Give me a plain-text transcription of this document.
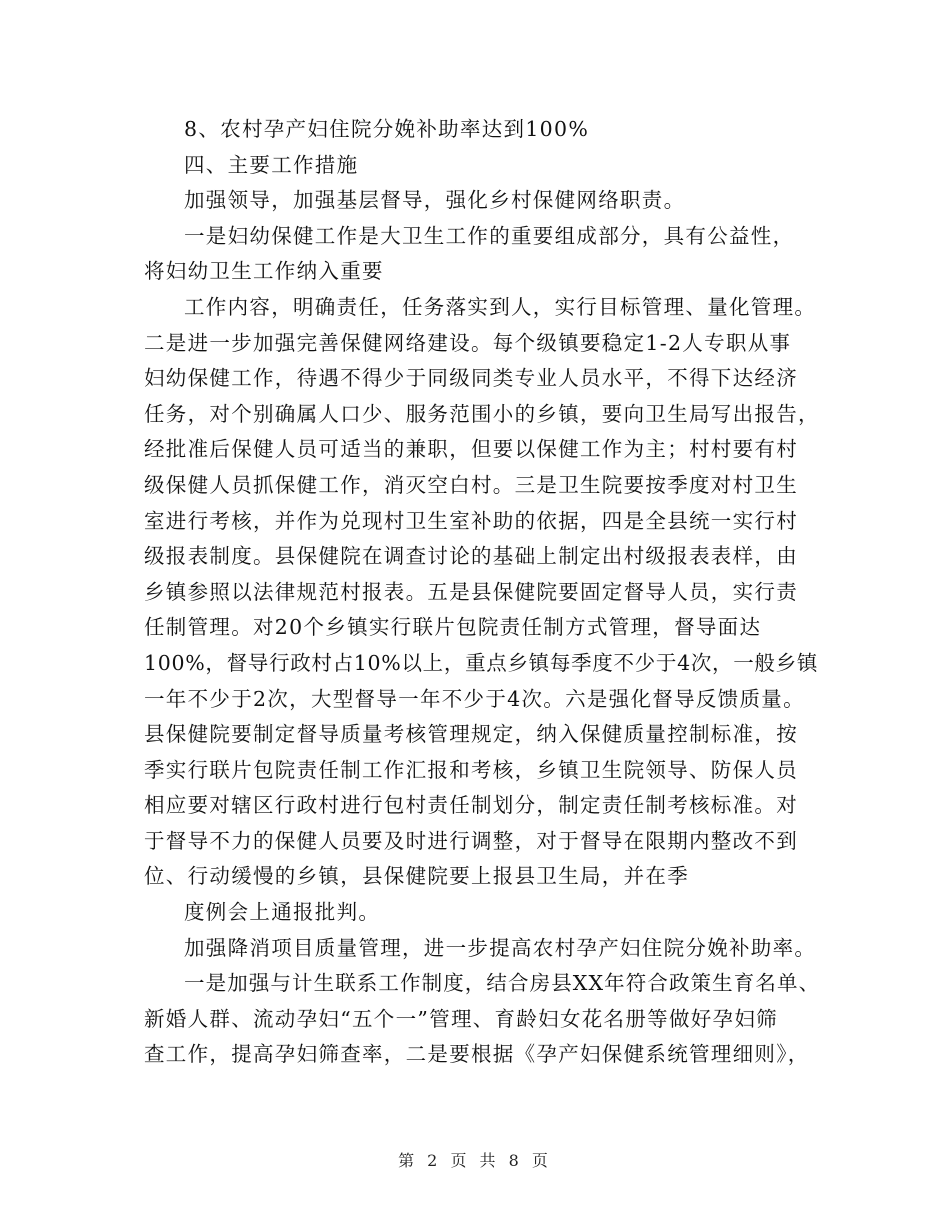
8、农村孕产妇住院分娩补助率达到100%
四、主要工作措施
加强领导，加强基层督导，强化乡村保健网络职责。
一是妇幼保健工作是大卫生工作的重要组成部分，具有公益性，
将妇幼卫生工作纳入重要
工作内容，明确责任，任务落实到人，实行目标管理、量化管理。
二是进一步加强完善保健网络建设。每个级镇要稳定1-2人专职从事
妇幼保健工作，待遇不得少于同级同类专业人员水平，不得下达经济
任务，对个别确属人口少、服务范围小的乡镇，要向卫生局写出报告，
经批准后保健人员可适当的兼职，但要以保健工作为主；村村要有村
级保健人员抓保健工作，消灭空白村。三是卫生院要按季度对村卫生
室进行考核，并作为兑现村卫生室补助的依据，四是全县统一实行村
级报表制度。县保健院在调查讨论的基础上制定出村级报表表样，由
乡镇参照以法律规范村报表。五是县保健院要固定督导人员，实行责
任制管理。对20个乡镇实行联片包院责任制方式管理，督导面达
100%，督导行政村占10%以上，重点乡镇每季度不少于4次，一般乡镇
一年不少于2次，大型督导一年不少于4次。六是强化督导反馈质量。
县保健院要制定督导质量考核管理规定，纳入保健质量控制标准，按
季实行联片包院责任制工作汇报和考核，乡镇卫生院领导、防保人员
相应要对辖区行政村进行包村责任制划分，制定责任制考核标准。对
于督导不力的保健人员要及时进行调整，对于督导在限期内整改不到
位、行动缓慢的乡镇，县保健院要上报县卫生局，并在季
度例会上通报批判。
加强降消项目质量管理，进一步提高农村孕产妇住院分娩补助率。
一是加强与计生联系工作制度，结合房县XX年符合政策生育名单、
新婚人群、流动孕妇“五个一”管理、育龄妇女花名册等做好孕妇筛
查工作，提高孕妇筛查率，二是要根据《孕产妇保健系统管理细则》，
第 2 页 共 8 页
